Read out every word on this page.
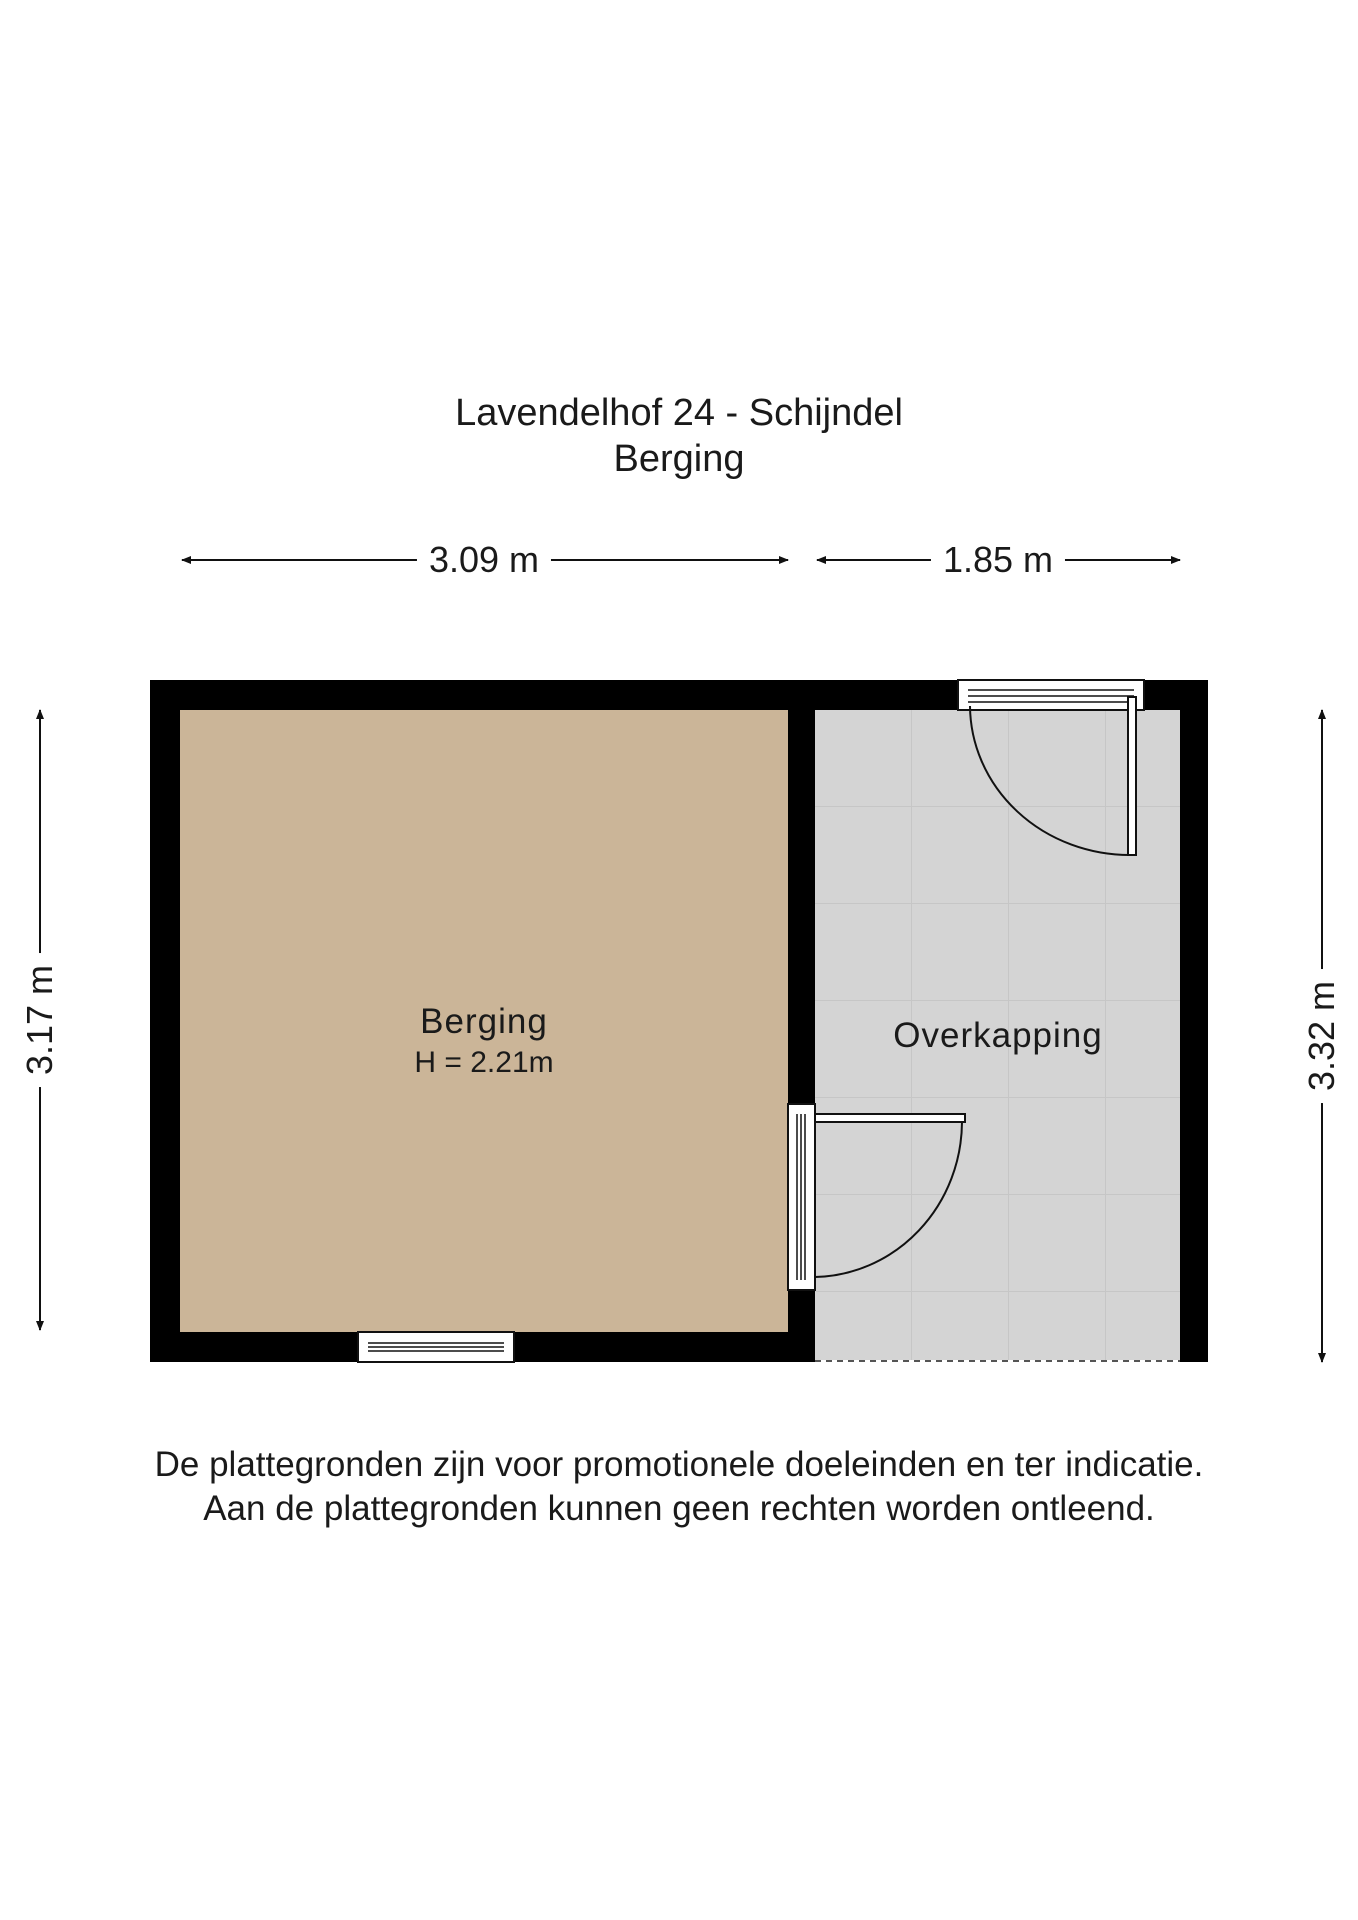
Lavendelhof 24 - Schijndel
Berging
3.09 m	1.85 m
3.17 m	3.32 m
Berging
H = 2.21m
Overkapping
De plattegronden zijn voor promotionele doeleinden en ter indicatie.
Aan de plattegronden kunnen geen rechten worden ontleend.
